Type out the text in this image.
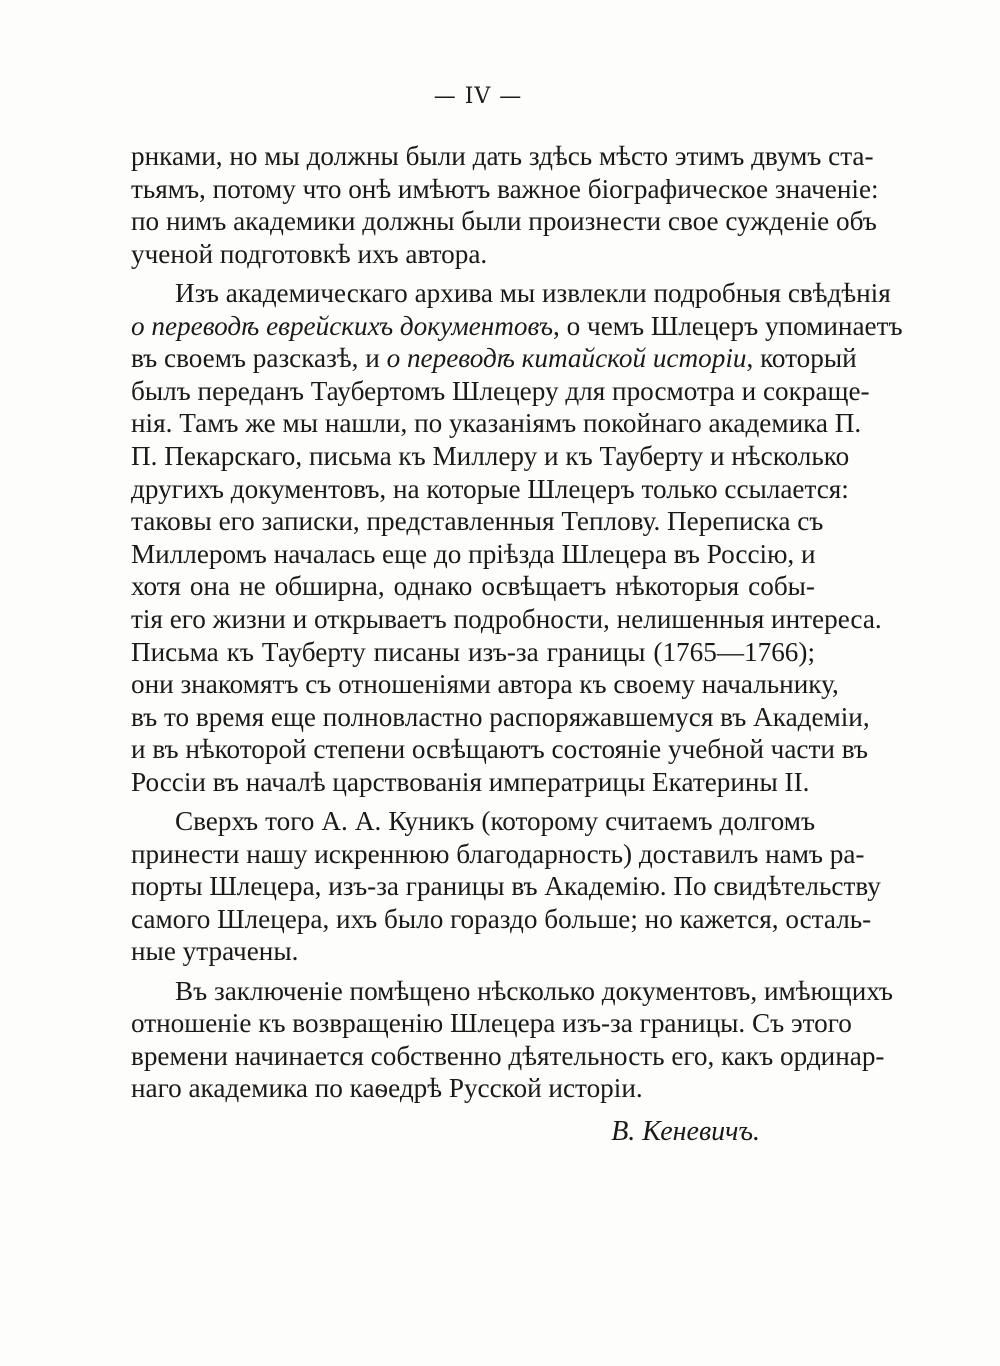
— IV —
рнками, но мы должны были дать здѣсь мѣсто этимъ двумъ ста-
тьямъ, потому что онѣ имѣютъ важное біографическое значеніе:
по нимъ академики должны были произнести свое сужденіе объ
ученой подготовкѣ ихъ автора.
Изъ академическаго архива мы извлекли подробныя свѣдѣнія
о переводѣ еврейскихъ документовъ, о чемъ Шлецеръ упоминаетъ
въ своемъ разсказѣ, и о переводѣ китайской исторіи, который
былъ переданъ Таубертомъ Шлецеру для просмотра и сокраще-
нія. Тамъ же мы нашли, по указаніямъ покойнаго академика П.
П. Пекарскаго, письма къ Миллеру и къ Тауберту и нѣсколько
другихъ документовъ, на которые Шлецеръ только ссылается:
таковы его записки, представленныя Теплову. Переписка съ
Миллеромъ началась еще до пріѣзда Шлецера въ Россію, и
хотя она не обширна, однако освѣщаетъ нѣкоторыя собы-
тія его жизни и открываетъ подробности, нелишенныя интереса.
Письма къ Тауберту писаны изъ-за границы (1765—1766);
они знакомятъ съ отношеніями автора къ своему начальнику,
въ то время еще полновластно распоряжавшемуся въ Академіи,
и въ нѣкоторой степени освѣщаютъ состояніе учебной части въ
Россіи въ началѣ царствованія императрицы Екатерины II.
Сверхъ того А. А. Куникъ (которому считаемъ долгомъ
принести нашу искреннюю благодарность) доставилъ намъ ра-
порты Шлецера, изъ-за границы въ Академію. По свидѣтельству
самого Шлецера, ихъ было гораздо больше; но кажется, осталь-
ные утрачены.
Въ заключеніе помѣщено нѣсколько документовъ, имѣющихъ
отношеніе къ возвращенію Шлецера изъ-за границы. Съ этого
времени начинается собственно дѣятельность его, какъ ординар-
наго академика по каѳедрѣ Русской исторіи.
В. Кеневичъ.
